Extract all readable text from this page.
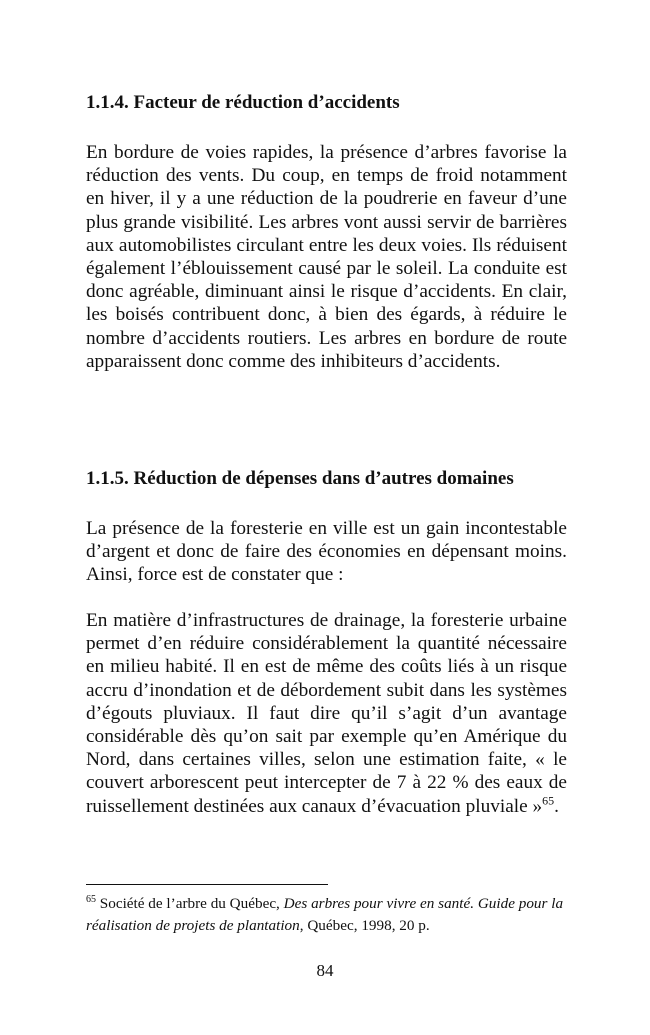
1.1.4. Facteur de réduction d’accidents

En bordure de voies rapides, la présence d’arbres favorise la réduction des vents. Du coup, en temps de froid notamment en hiver, il y a une réduction de la poudrerie en faveur d’une plus grande visibilité. Les arbres vont aussi servir de barrières aux automobilistes circulant entre les deux voies. Ils réduisent également l’éblouissement causé par le soleil. La conduite est donc agréable, diminuant ainsi le risque d’accidents. En clair, les boisés contribuent donc, à bien des égards, à réduire le nombre d’accidents routiers. Les arbres en bordure de route apparaissent donc comme des inhibiteurs d’accidents.

1.1.5. Réduction de dépenses dans d’autres domaines

La présence de la foresterie en ville est un gain incontestable d’argent et donc de faire des économies en dépensant moins. Ainsi, force est de constater que :

En matière d’infrastructures de drainage, la foresterie urbaine permet d’en réduire considérablement la quantité nécessaire en milieu habité. Il en est de même des coûts liés à un risque accru d’inondation et de débordement subit dans les systèmes d’égouts pluviaux. Il faut dire qu’il s’agit d’un avantage considérable dès qu’on sait par exemple qu’en Amérique du Nord, dans certaines villes, selon une estimation faite, « le couvert arborescent peut intercepter de 7 à 22 % des eaux de ruissellement destinées aux canaux d’évacuation pluviale »$^{65}$.

$^{65}$ Société de l’arbre du Québec, Des arbres pour vivre en santé. Guide pour la réalisation de projets de plantation, Québec, 1998, 20 p.
84
